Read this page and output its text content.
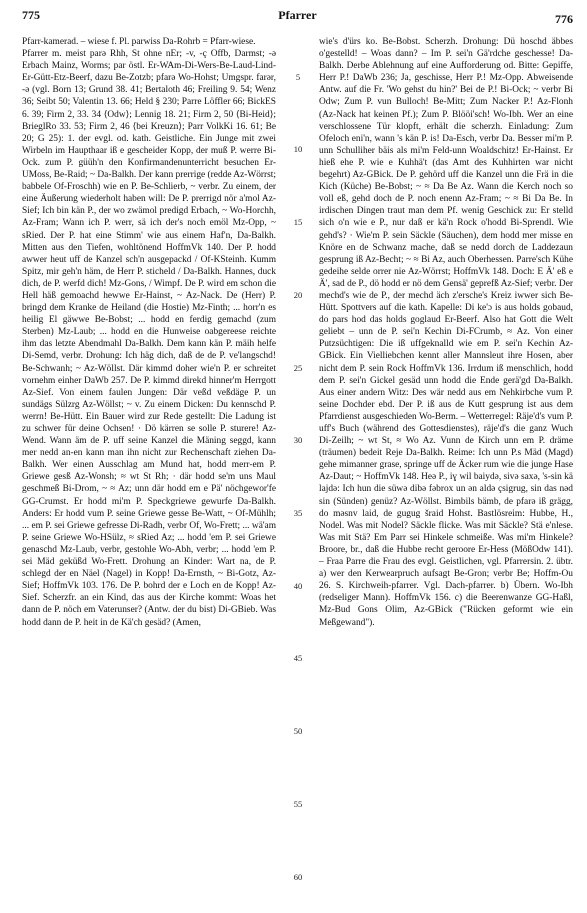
775	Pfarrer	776

Pfarr-kamerad. – wiese f. Pl. parwiss Da-Rohrb = Pfarr-wiese.

Pfarrer m. meist parə Rhh, St ohne nEr; -v, -ç Offb, Darmst; -ə Erbach Mainz, Worms; par östl. Er-WAm-Di-Wers-Be-Laud-Lind-Er-Gütt-Etz-Beerf, dazu Be-Zotzb; pfarə Wo-Hohst; Umgspr. farər, -ə (vgl. Born 13; Grund 38. 41; Bertaloth 46; Freiling 9. 54; Wenz 36; Seibt 50; Valentin 13. 66; Held § 230; Parre Löffler 66; BickES 6. 39; Firm 2, 33. 34 ⟨Odw⟩; Lennig 18. 21; Firm 2, 50 ⟨Bi-Heid⟩; BrieglRo 33. 53; Firm 2, 46 ⟨bei Kreuzn⟩; Parr VolkKi 16. 61; Be 20; G 25): 1. der evgl. od. kath. Geistliche. Ein Junge mit zwei Wirbeln im Haupthaar iß e gescheider Kopp, der muß P. werre Bi-Ock. zum P. güüh'n den Konfirmandenunterricht besuchen Er-UMoss, Be-Raid; ~ Da-Balkh. Der kann prerrige (redde Az-Wörrst; babbele Of-Froschh) wie en P. Be-Schlierb, ~ verbr. Zu einem, der eine Äußerung wiederholt haben will: De P. prerrigd nör a'mol Az-Sief; Ich bin kän P., der wo zwämol predigd Erbach, ~ Wo-Horchh, Az-Fram; Wann ich P. werr, sä ich der's noch emöl Mz-Opp, ~ sRied. Der P. hat eine Stimm' wie aus einem Haf'n, Da-Balkh. Mitten aus den Tiefen, wohltönend HoffmVk 140. Der P. hodd awwer heut uff de Kanzel sch'n ausgepackd / Of-KSteinh. Kumm Spitz, mir geh'n häm, de Herr P. sticheld / Da-Balkh. Hannes, duck dich, de P. werfd dich! Mz-Gons, / Wimpf. De P. wird em schon die Hell häß gemoachd hewwe Er-Hainst, ~ Az-Nack. De (Herr) P. bringd dem Kranke de Heiland (die Hostie) Mz-Finth; ... horr'n es heilig El gäwwe Be-Bobst; ... hodd en ferdig gemachd (zum Sterben) Mz-Laub; ... hodd en die Hunweise oabgereese reichte ihm das letzte Abendmahl Da-Balkh. Dem kann kän P. mäih helfe Di-Semd, verbr. Drohung: Ich häg dich, daß de de P. ve'langschd! Be-Schwanh; ~ Az-Wöllst. Där kimmd doher wie'n P. er schreitet vornehm einher DaWb 257. De P. kimmd direkd hinner'm Herrgott Az-Sief. Von einem faulen Jungen: Där veßd veßdäge P. un sundägs Sülzrg Az-Wöllst; ~ v. Zu einem Dicken: Du kennschd P. werrn! Be-Hütt. Ein Bauer wird zur Rede gestellt: Die Ladung ist zu schwer für deine Ochsen! · Dö kärren se solle P. sturere! Az-Wend. Wann äm de P. uff seine Kanzel die Mäning seggd, kann mer nedd an-en kann man ihn nicht zur Rechenschaft ziehen Da-Balkh. Wer einen Ausschlag am Mund hat, hodd merr-em P. Griewe gesß Az-Wonsh; ≈ wt St Rh; · där hodd se'm uns Maul geschmeß Bi-Drom, ~ ≈ Az; unn där hodd em e Pä' nöchgewor'fe GG-Crumst. Er hodd mi'm P. Speckgriewe gewurfe Da-Balkh. Anders: Er hodd vum P. seine Griewe gesse Be-Watt, ~ Of-Mühlh; ... em P. sei Griewe gefresse Di-Radh, verbr Of, Wo-Frett; ... wä'am P. seine Griewe Wo-HSülz, ≈ sRied Az; ... hodd 'em P. sei Griewe genaschd Mz-Laub, verbr, gestohle Wo-Abh, verbr; ... hodd 'em P. sei Mäd geküßd Wo-Frett. Drohung an Kinder: Wart na, de P. schlegd der en Näel (Nagel) in Kopp! Da-Ernsth, ~ Bi-Gotz, Az-Sief; HoffmVk 103. 176. De P. bohrd der e Loch en de Kopp! Az-Sief. Scherzfr. an ein Kind, das aus der Kirche kommt: Woas het dann de P. nöch em Vaterunser? (Antw. der du bist) Di-GBieb. Was hodd dann de P. heit in de Kä'ch gesäd? (Amen,

5
10
15
20
25
30
35
40
45
50
55
60

wie's d'ürs ko. Be-Bobst. Scherzh. Drohung: Dü hoschd äbbes o'gestelld! – Woas dann? – Im P. sei'n Gä'rdche geschesse! Da-Balkh. Derbe Ablehnung auf eine Aufforderung od. Bitte: Gepiffe, Herr P.! DaWb 236; Ja, geschisse, Herr P.! Mz-Opp. Abweisende Antw. auf die Fr. 'Wo gehst du hin?' Bei de P.! Bi-Ock; ~ verbr Bi Odw; Zum P. vun Bulloch! Be-Mitt; Zum Nacker P.! Az-Flonh (Az-Nack hat keinen Pf.); Zum P. Blööi'sch! Wo-Ibh. Wer an eine verschlossene Tür klopft, erhält die scherzh. Einladung: Zum Ofeloch eni'n, wann 's kän P. is! Da-Esch, verbr Da. Besser mi'm P. unn Schulliher bäis als mi'm Feld-unn Woaldschitz! Er-Hainst. Er hieß ehe P. wie e Kuhhä't (das Amt des Kuhhirten war nicht begehrt) Az-GBick. De P. gehörd uff die Kanzel unn die Frä in die Kich (Küche) Be-Bobst; ~ ≈ Da Be Az. Wann die Kerch noch so voll eß, gehd doch de P. noch enenn Az-Fram; ~ ≈ Bi Da Be. In irdischen Dingen traut man dem Pf. wenig Geschick zu: Er stelld sich o'n wie e P., nur daß er kä'n Rock o'hodd Bi-Sprendl. Wie gehd's? · Wie'm P. sein Säckle (Säuchen), dem hodd mer misse en Knöre en de Schwanz mache, daß se nedd dorch de Laddezaun gesprung iß Az-Becht; ~ ≈ Bi Az, auch Oberhessen. Parre'sch Kühe gedeihe selde orrer nie Az-Wörrst; HoffmVk 148. Doch: E Ä' eß e Ä', sad de P., dö hodd er nö dem Gensä' geprefß Az-Sief; verbr. Der mechd's wie de P., der mechd äch z'ersche's Kreiz iwwer sich Be-Hütt. Spottvers auf die kath. Kapelle: Di ke'ɔ is aus holds gobaud, do pars hod das holds goglaud Er-Beerf. Also hat Gott die Welt geliebt – unn de P. sei'n Kechin Di-FCrumb, ≈ Az. Von einer Putzsüchtigen: Die iß uffgeknalld wie em P. sei'n Kechin Az-GBick. Ein Vielliebchen kennt aller Mannsleut ihre Hosen, aber nicht dem P. sein Rock HoffmVk 136. Irrdum iß menschlich, hodd dem P. sei'n Gickel gesäd unn hodd die Ende gerä'gd Da-Balkh. Aus einer andern Witz: Des wär nedd aus em Nehkirbche vum P. seine Dochder ebd. Der P. iß aus de Kutt gesprung ist aus dem Pfarrdienst ausgeschieden Wo-Berm. – Wetterregel: Räje'd's vum P. uff's Buch (während des Gottesdienstes), räje'd's die ganz Wuch Di-Zeilh; ~ wt St, ≈ Wo Az. Vunn de Kirch unn em P. dräme (träumen) bedeit Reje Da-Balkh. Reime: Ich unn P.s Mäd (Magd) gehe mimanner grase, springe uff de Äcker rum wie die junge Hase Az-Daut; ~ HoffmVk 148. Heə P., iɣ wil baiydə, sivə saxə, 's-sin kä lajdə: Ich hun die süwə dibə fəbrox un ən aldə çsigrug, sin das nəd sin (Sünden) genüz? Az-Wöllst. Bimbils bämb, de pfarə iß grägg, do məsnv laid, de gugug šraid Hohst. Bastlösreim: Hubbe, H., Nodel. Was mit Nodel? Säckle flicke. Was mit Säckle? Stä e'nlese. Was mit Stä? Em Parr sei Hinkele schmeiße. Was mi'm Hinkele? Broore, br., daß die Hubbe recht geroore Er-Hess (MößOdw 141). – Fraa Parre die Frau des evgl. Geistlichen, vgl. Pfarrersin. 2. übtr. a) wer den Kerwearpruch aufsagt Be-Gron; verbr Be; Hoffm-Ou 26. S. Kirchweih-pfarrer. Vgl. Dach-pfarrer. b) Übern. Wo-Ibh (redseliger Mann). HoffmVk 156. c) die Beerenwanze GG-Haßl, Mz-Bud Gons Olim, Az-GBick ("Rücken geformt wie ein Meßgewand").
